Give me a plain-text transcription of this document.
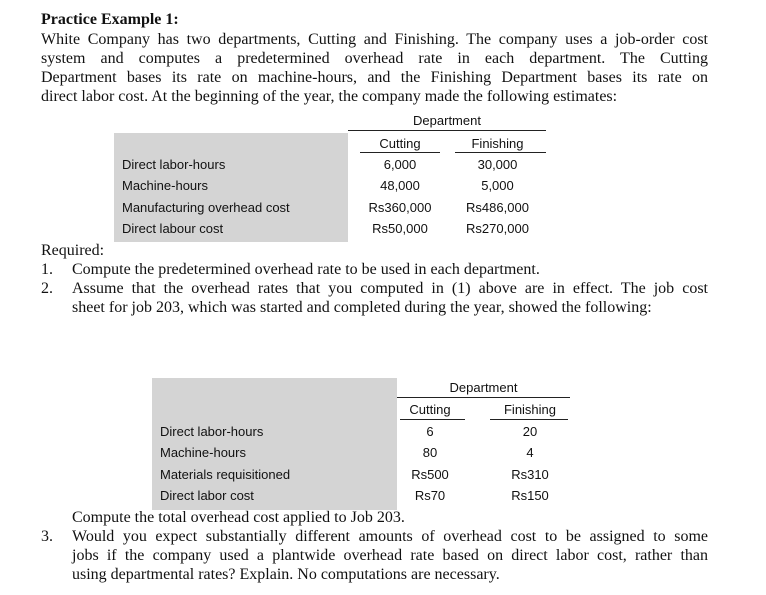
Practice Example 1:
White Company has two departments, Cutting and Finishing. The company uses a job-order cost
system and computes a predetermined overhead rate in each department. The Cutting
Department bases its rate on machine-hours, and the Finishing Department bases its rate on
direct labor cost. At the beginning of the year, the company made the following estimates:
Department
Cutting	Finishing
Direct labor-hours	6,000	30,000
Machine-hours	48,000	5,000
Manufacturing overhead cost	Rs360,000	Rs486,000
Direct labour cost	Rs50,000	Rs270,000
Required:
1. Compute the predetermined overhead rate to be used in each department.
2. Assume that the overhead rates that you computed in (1) above are in effect. The job cost
sheet for job 203, which was started and completed during the year, showed the following:
Department
Cutting	Finishing
Direct labor-hours	6	20
Machine-hours	80	4
Materials requisitioned	Rs500	Rs310
Direct labor cost	Rs70	Rs150
Compute the total overhead cost applied to Job 203.
3. Would you expect substantially different amounts of overhead cost to be assigned to some
jobs if the company used a plantwide overhead rate based on direct labor cost, rather than
using departmental rates? Explain. No computations are necessary.
